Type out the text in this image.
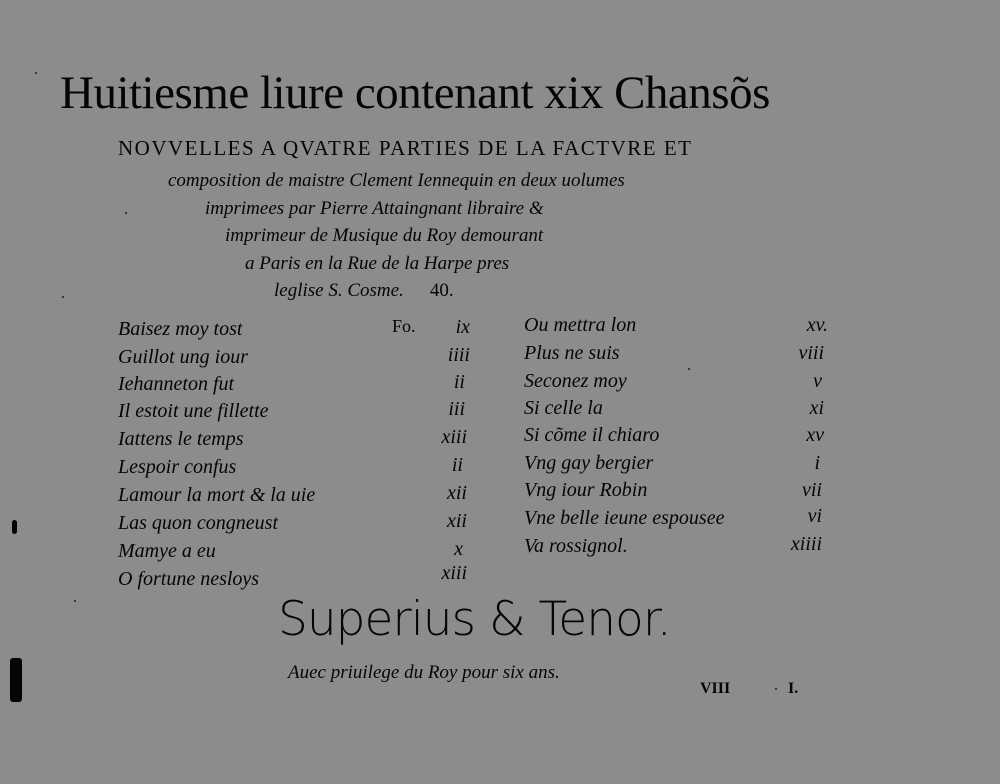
Huitiesme liure contenant xix Chansõs
NOVVELLES A QVATRE PARTIES DE LA FACTVRE ET
composition de maistre Clement Iennequin en deux uolumes
imprimees par Pierre Attaingnant libraire &
imprimeur de Musique du Roy demourant
a Paris en la Rue de la Harpe pres
leglise S. Cosme. 40.
Fo.
Baisez moy tost	ix
Guillot ung iour	iiii
Iehanneton fut	ii
Il estoit une fillette	iii
Iattens le temps	xiii
Lespoir confus	ii
Lamour la mort & la uie	xii
Las quon congneust	xii
Mamye a eu	x
O fortune nesloys	xiii
Ou mettra lon	xv.
Plus ne suis	viii
Seconez moy	v
Si celle la	xi
Si cõme il chiaro	xv
Vng gay bergier	i
Vng iour Robin	vii
Vne belle ieune espousee	vi
Va rossignol.	xiiii
Superius & Tenor.
Auec priuilege du Roy pour six ans.
VIII	I.
